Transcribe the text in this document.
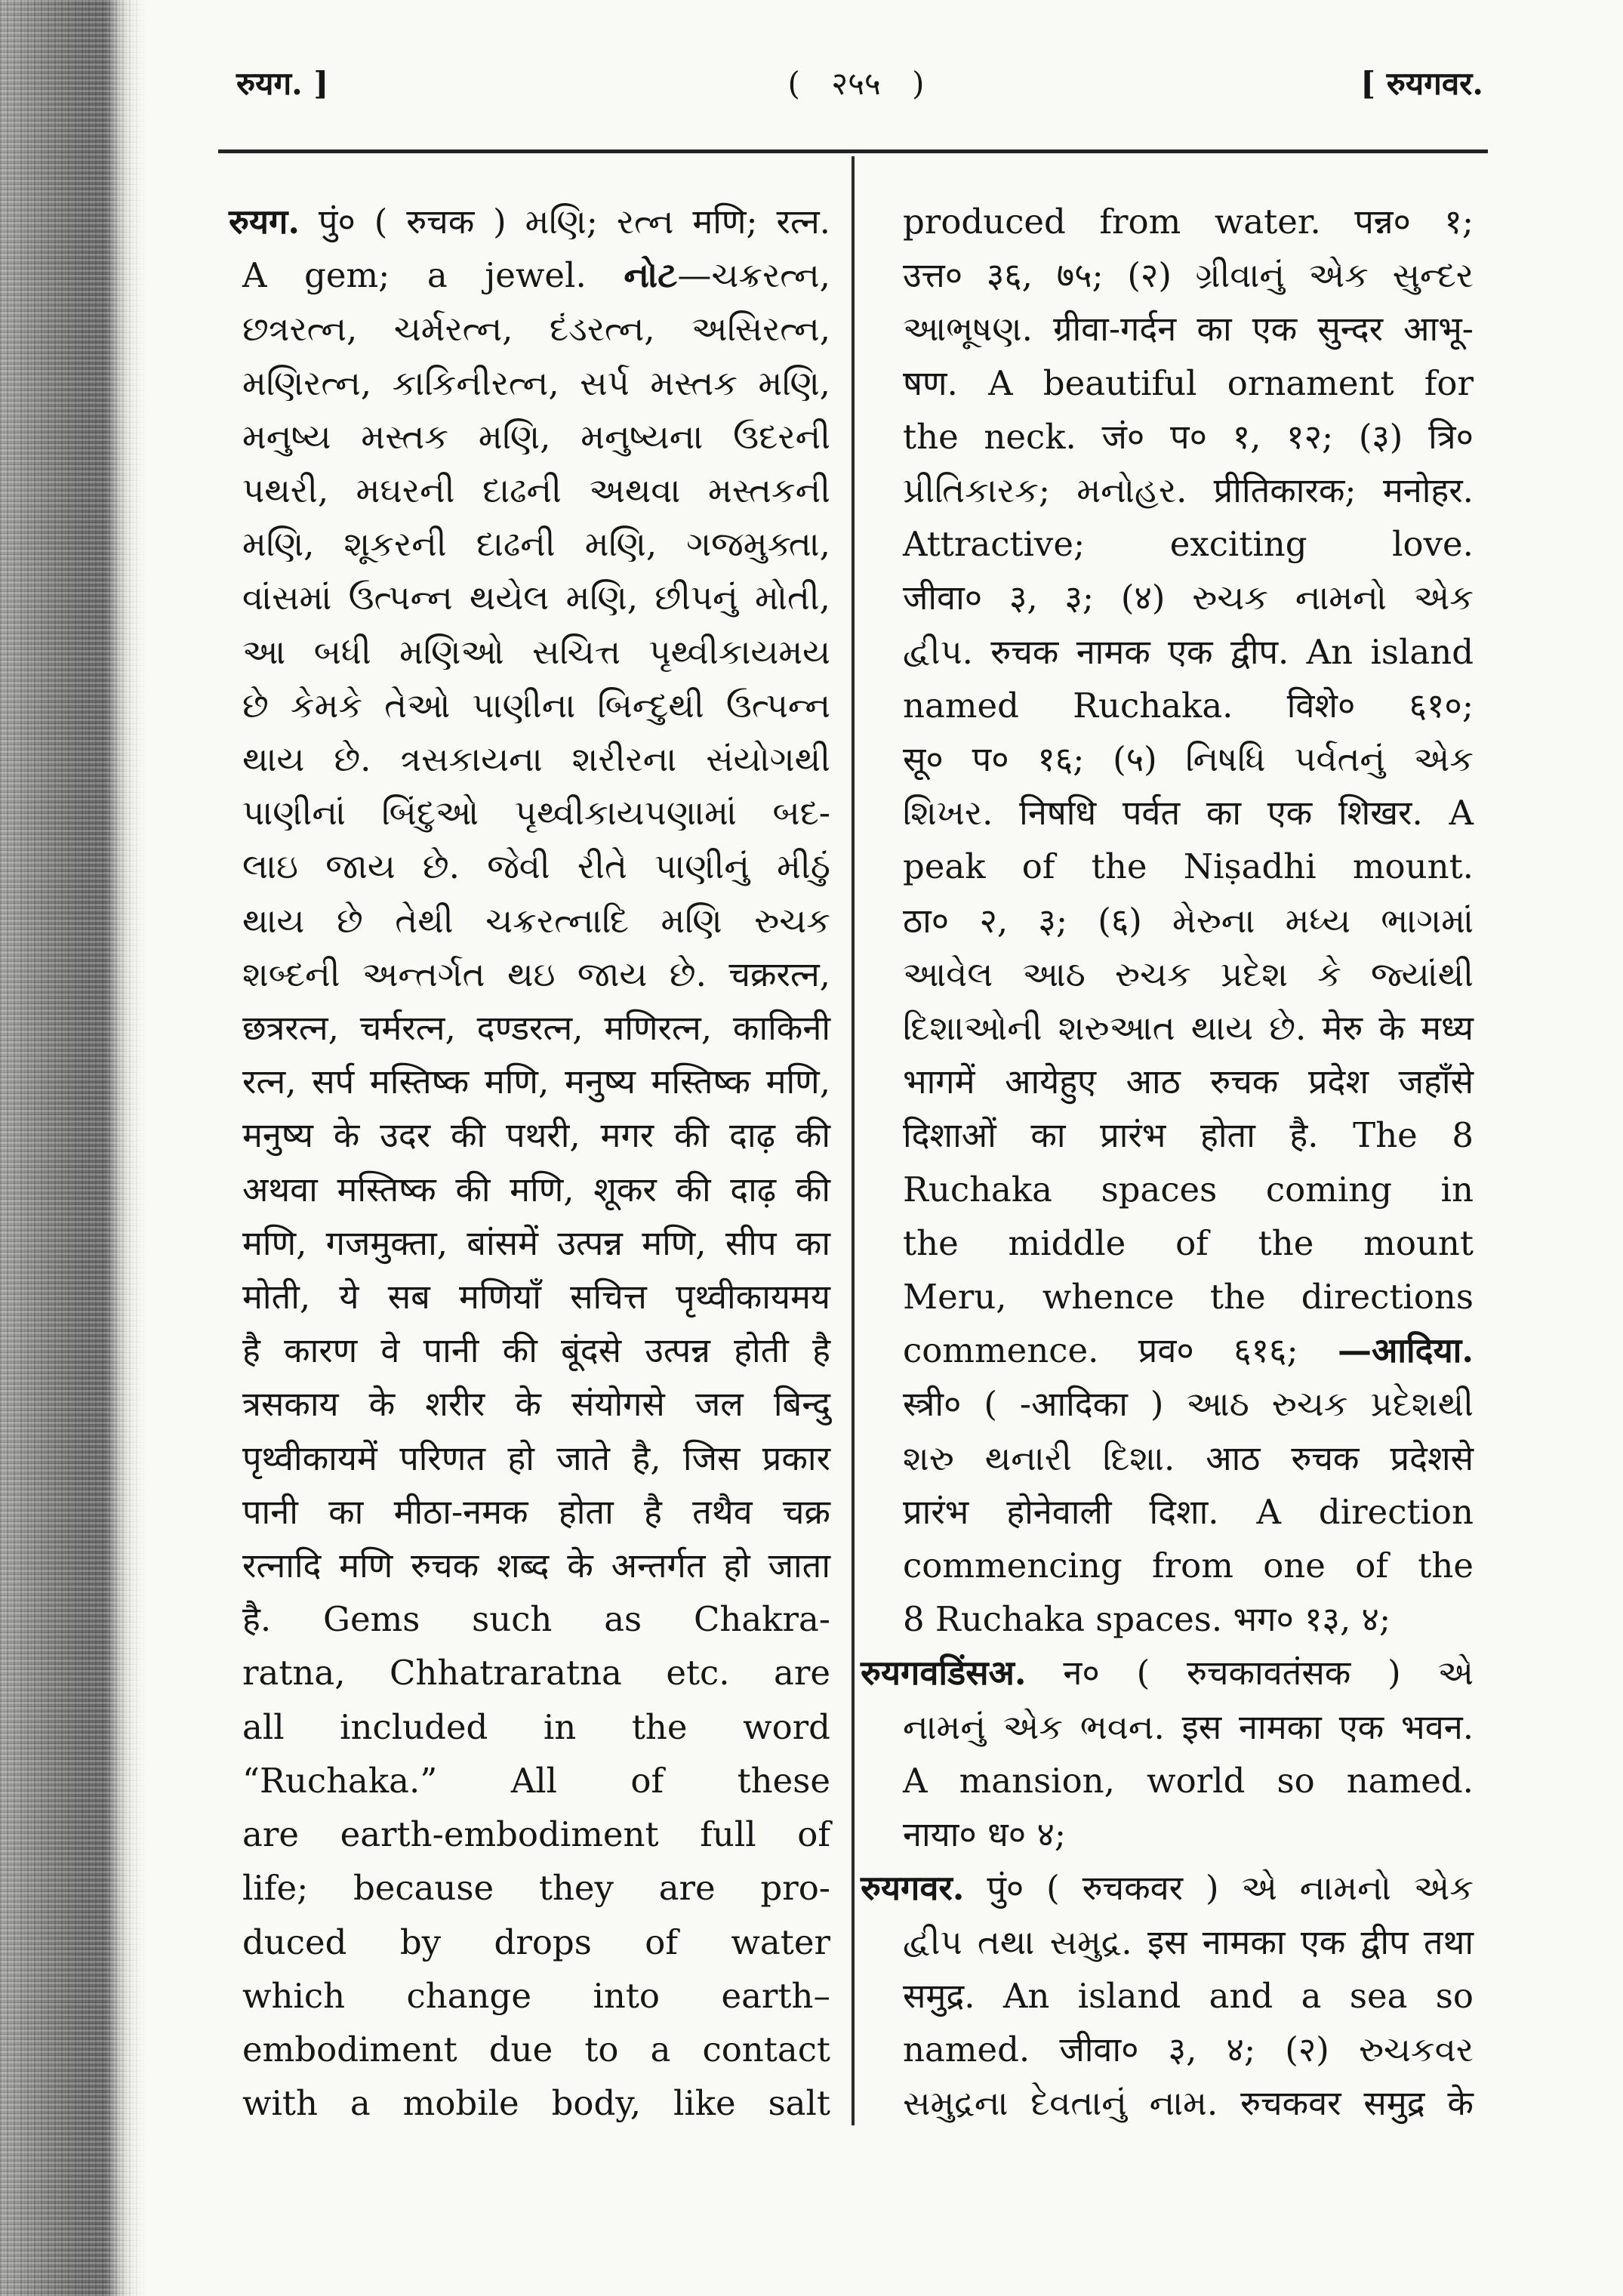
रुयग. ]	( २५५ )	[ रुयगवर.
रुयग. पुं० ( रुचक ) મણિ; રત્ન मणि; रत्न.
A gem; a jewel. નોટ—ચક્રરત્ન,
છત્રરત્ન, ચર્મરત્ન, દંડરત્ન, અસિરત્ન,
મણિરત્ન, કાકિનીરત્ન, સર્પ મસ્તક મણિ,
મનુષ્ય મસ્તક મણિ, મનુષ્યના ઉદરની
પથરી, મઘરની દાઢની અથવા મસ્તકની
મણિ, શૂકરની દાઢની મણિ, ગજમુક્તા,
વાંસમાં ઉત્પન્ન થયેલ મણિ, છીપનું મોતી,
આ બધી મણિઓ સચિત્ત પૃથ્વીકાયમય
છે કેમકે તેઓ પાણીના બિન્દુથી ઉત્પન્ન
થાય છે. ત્રસકાયના શરીરના સંયોગથી
પાણીનાં બિંદુઓ પૃથ્વીકાયપણામાં બદ-
લાઇ જાય છે. જેવી રીતે પાણીનું મીઠું
થાય છે તેથી ચક્રરત્નાદિ મણિ રુચક
શબ્દની અન્તર્ગત થઇ જાય છે. चक्ररत्न,
छत्ररत्न, चर्मरत्न, दण्डरत्न, मणिरत्न, काकिनी
रत्न, सर्प मस्तिष्क मणि, मनुष्य मस्तिष्क मणि,
मनुष्य के उदर की पथरी, मगर की दाढ़ की
अथवा मस्तिष्क की मणि, शूकर की दाढ़ की
मणि, गजमुक्ता, बांसमें उत्पन्न मणि, सीप का
मोती, ये सब मणियाँ सचित्त पृथ्वीकायमय
है कारण वे पानी की बूंदसे उत्पन्न होती है
त्रसकाय के शरीर के संयोगसे जल बिन्दु
पृथ्वीकायमें परिणत हो जाते है, जिस प्रकार
पानी का मीठा-नमक होता है तथैव चक्र
रत्नादि मणि रुचक शब्द के अन्तर्गत हो जाता
है. Gems such as Chakra-
ratna, Chhatraratna etc. are
all included in the word
“Ruchaka.” All of these
are earth-embodiment full of
life; because they are pro-
duced by drops of water
which change into earth–
embodiment due to a contact
with a mobile body, like salt
produced from water. पन्न० १;
उत्त० ३६, ७५; (२) ગ્રીવાનું એક સુન્દર
આભૂષણ. ग्रीवा-गर्दन का एक सुन्दर आभू-
षण. A beautiful ornament for
the neck. जं० प० १, १२; (३) त्रि०
પ્રીતિકારક; મનોહર. प्रीतिकारक; मनोहर.
Attractive; exciting love.
जीवा० ३, ३; (४) રુચક નામનો એક
દ્વીપ. रुचक नामक एक द्वीप. An island
named Ruchaka. विशे० ६१०;
सू० प० १६; (५) નિષધિ પર્વતનું એક
શિખર. निषधि पर्वत का एक शिखर. A
peak of the Niṣadhi mount.
ठा० २, ३; (६) મેરુના મધ્ય ભાગમાં
આવેલ આઠ રુચક પ્રદેશ કે જ્યાંથી
દિશાઓની શરુઆત થાય છે. मेरु के मध्य
भागमें आयेहुए आठ रुचक प्रदेश जहाँसे
दिशाओं का प्रारंभ होता है. The 8
Ruchaka spaces coming in
the middle of the mount
Meru, whence the directions
commence. प्रव० ६१६; —आदिया.
स्त्री० ( -आदिका ) આઠ રુચક પ્રદેશથી
શરુ થનારી દિશા. आठ रुचक प्रदेशसे
प्रारंभ होनेवाली दिशा. A direction
commencing from one of the
8 Ruchaka spaces. भग० १३, ४;
रुयगवडिंसअ. न० ( रुचकावतंसक ) એ
નામનું એક ભવન. इस नामका एक भवन.
A mansion, world so named.
नाया० ध० ४;
रुयगवर. पुं० ( रुचकवर ) એ નામનો એક
દ્વીપ તથા સમુદ્ર. इस नामका एक द्वीप तथा
समुद्र. An island and a sea so
named. जीवा० ३, ४; (२) રુચકવર
સમુદ્રના દેવતાનું નામ. रुचकवर समुद्र के
